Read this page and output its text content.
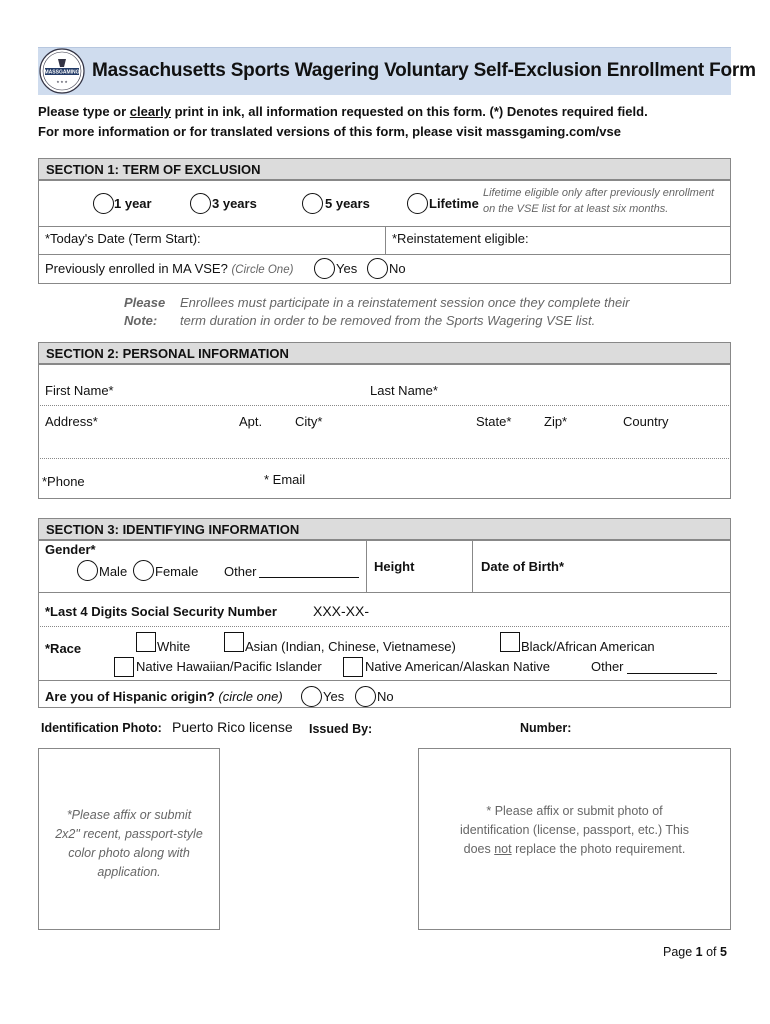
MASSGAMING
★ ★ ★
Massachusetts Sports Wagering Voluntary Self-Exclusion Enrollment Form
Please type or clearly print in ink, all information requested on this form. (*) Denotes required field.
For more information or for translated versions of this form, please visit massgaming.com/vse
SECTION 1: TERM OF EXCLUSION
1 year	3 years	5 years	Lifetime
Lifetime eligible only after previously enrollment
on the VSE list for at least six months.
*Today's Date (Term Start):	*Reinstatement eligible:
Previously enrolled in MA VSE? (Circle One)	Yes No
Please
Note:
Enrollees must participate in a reinstatement session once they complete their
term duration in order to be removed from the Sports Wagering VSE list.
SECTION 2: PERSONAL INFORMATION
First Name*	Last Name*
Address*	Apt.	City*	State*	Zip*	Country
*Phone	* Email
SECTION 3: IDENTIFYING INFORMATION
Gender*
Male Female Other	Height	Date of Birth*
*Last 4 Digits Social Security Number	XXX-XX-
*Race	White	Asian (Indian, Chinese, Vietnamese)	Black/African American
Native Hawaiian/Pacific Islander	Native American/Alaskan Native	Other
Are you of Hispanic origin? (circle one)	Yes	No
Identification Photo: Puerto Rico license Issued By:	Number:
*Please affix or submit
2x2" recent, passport-style
color photo along with
application.
* Please affix or submit photo of
identification (license, passport, etc.) This
does not replace the photo requirement.
Page 1 of 5
